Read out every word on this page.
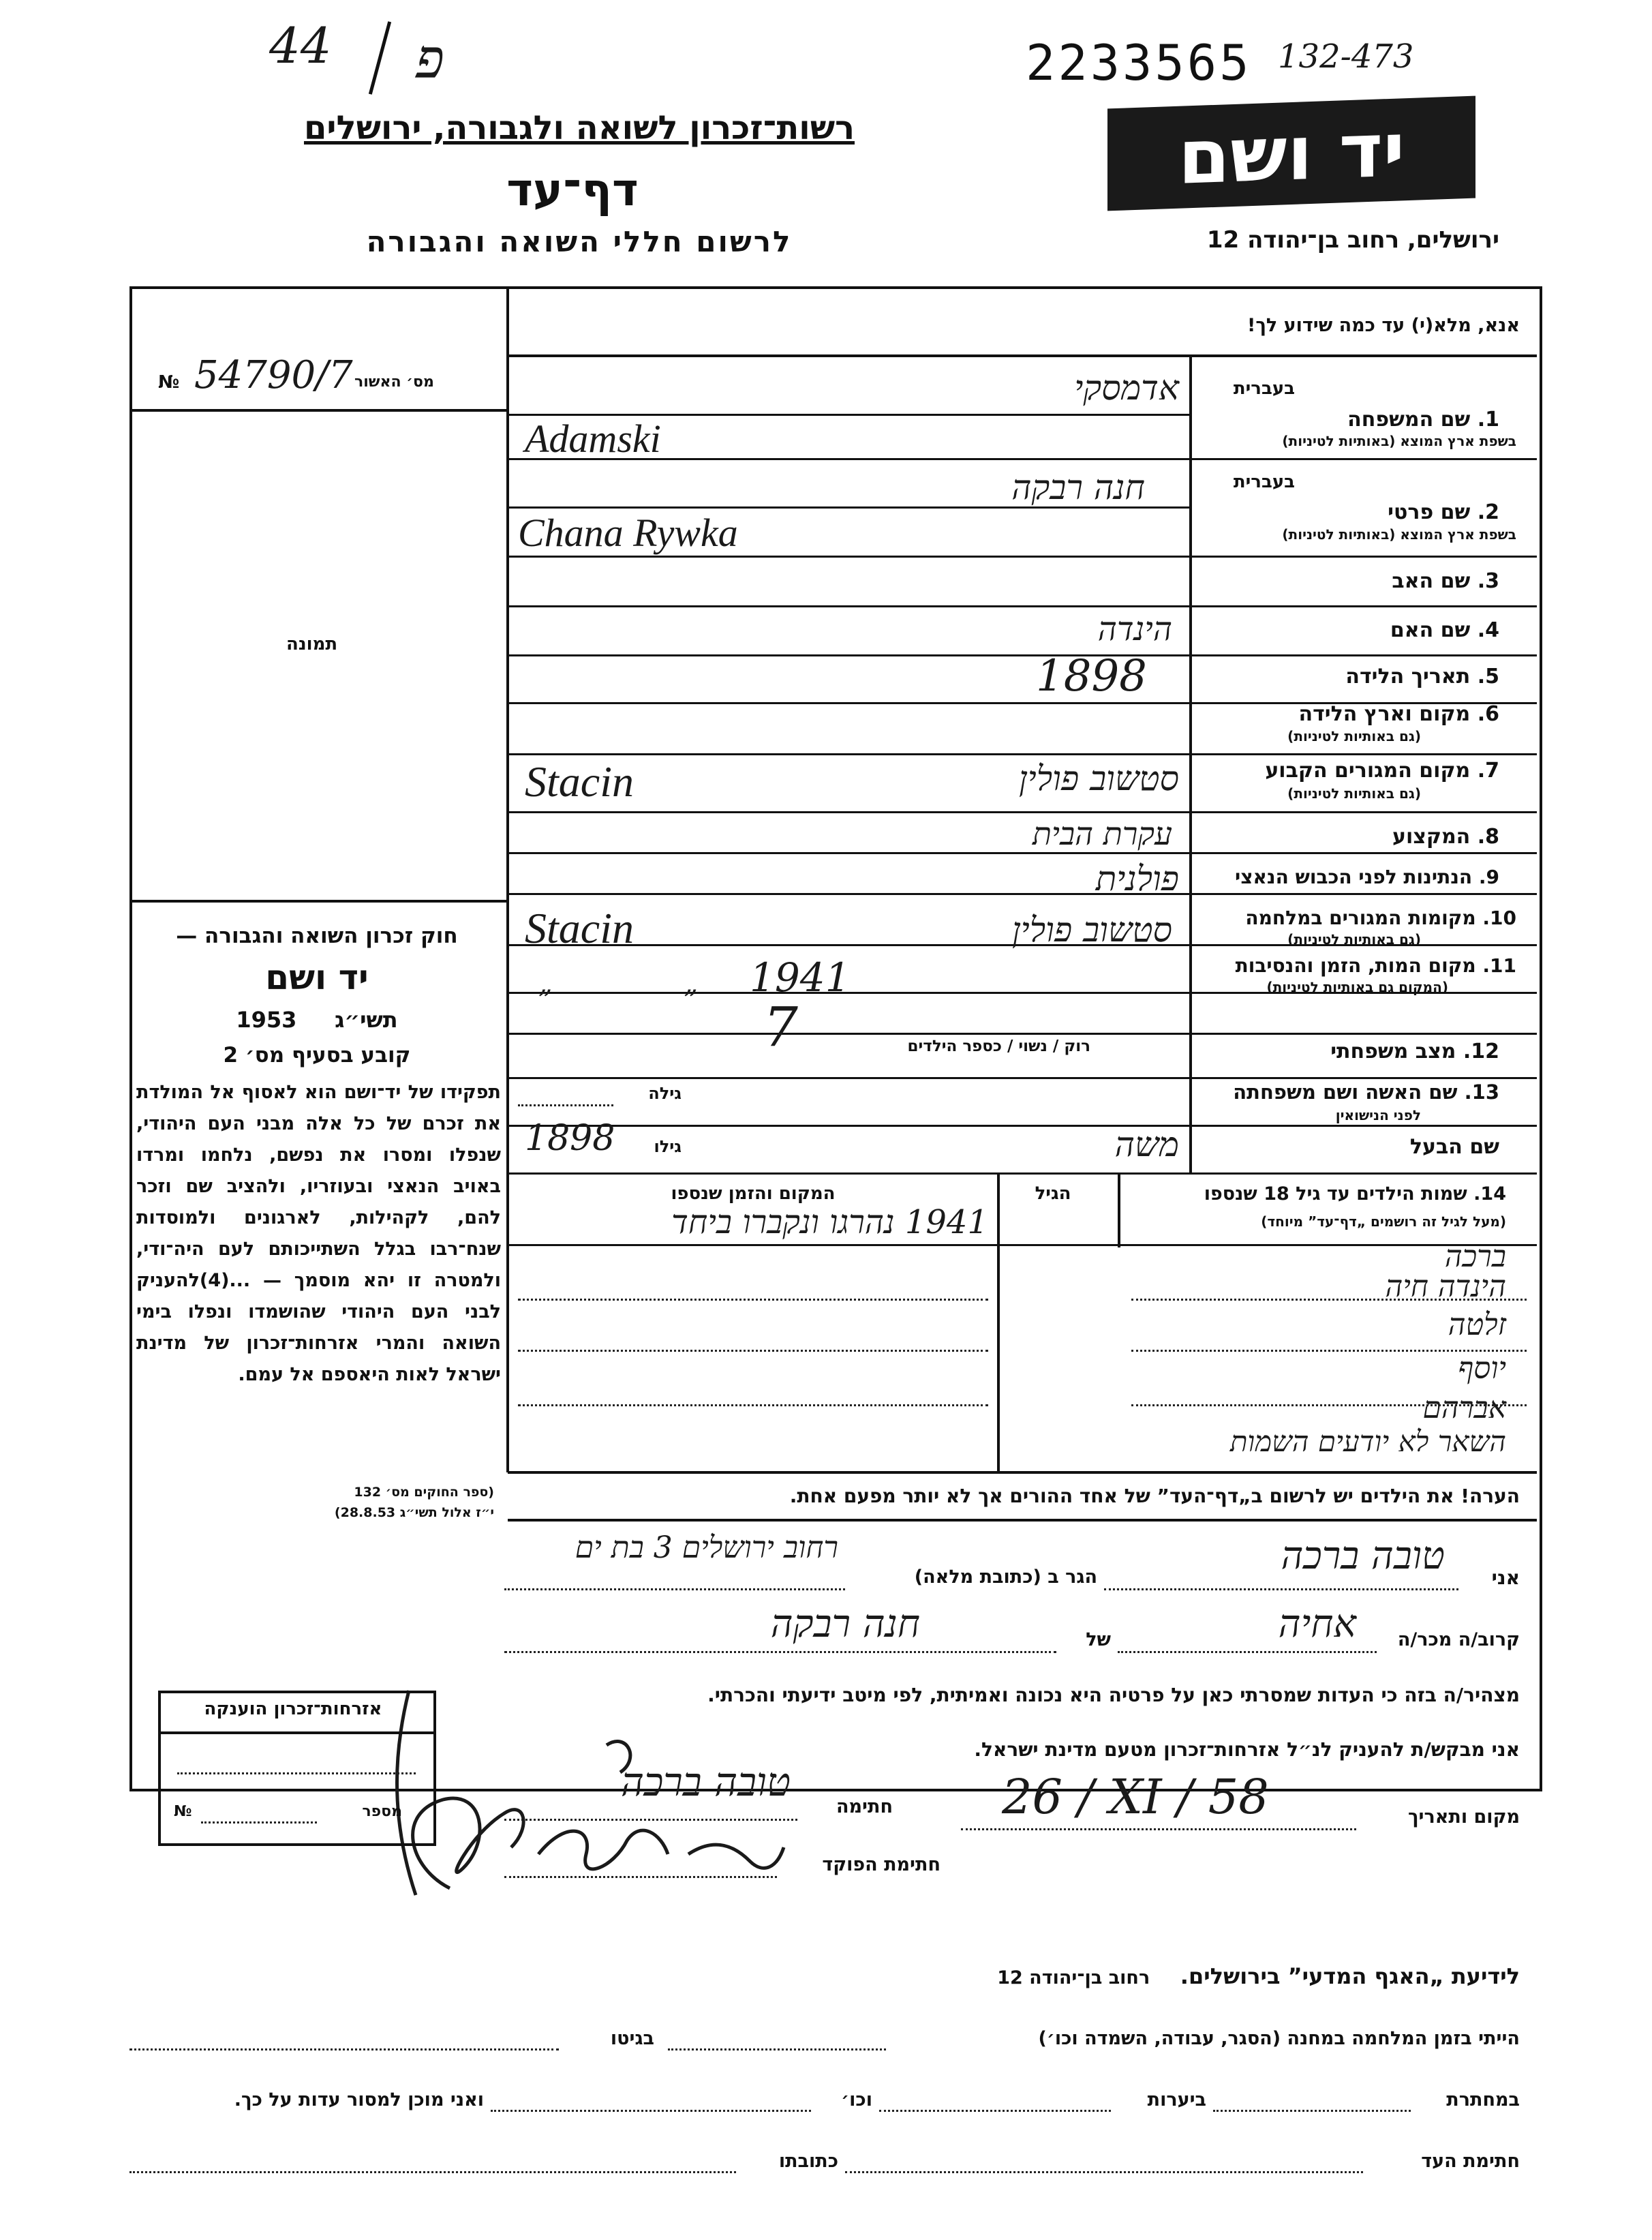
44 פ	2233565 132-473
רשות־זכרון לשואה ולגבורה, ירושלים
דף־עד
לרשום חללי השואה והגבורה
יד ושם
ירושלים, רחוב בן־יהודה 12
אנא, מלא(י) עד כמה שידוע לך!
מס׳ האשור
№ 54790/7
תמונה
חוק זכרון השואה והגבורה —
יד ושם
תשי״ג     1953
קובע בסעיף מס׳ 2
תפקידו של יד־ושם הוא לאסוף אל המולדת את זכרם של כל אלה מבני העם היהודי, שנפלו ומסרו את נפשם, נלחמו ומרדו באויב הנאצי ובעוזריו, ולהציב שם וזכר להם, לקהילות, לארגונים ולמוסדות שנח־רבו בגלל השתייכותם לעם היה־ודי, ולמטרה זו יהא מוסמך — ...(4)להעניק לבני העם היהודי שהושמדו ונפלו בימי השואה והמרי אזרחות־זכרון של מדינת ישראל לאות היאספם אל עמם.
(ספר החוקים מס׳ 132
י״ז אלול תשי״ג 28.8.53)
בעברית
1. שם המשפחה
בשפת ארץ המוצא (באותיות לטיניות)
אדמסקי
Adamski
בעברית
2. שם פרטי
בשפת ארץ המוצא (באותיות לטיניות)
חנה רבקה
Chana Rywka
3. שם האב
4. שם האם
הינדה
5. תאריך הלידה
1898
6. מקום וארץ הלידה
(גם באותיות לטיניות)
7. מקום המגורים הקבוע
(גם באותיות לטיניות)
סטשוב פולין
Stacin
8. המקצוע
עקרת הבית
9. הנתינות לפני הכבוש הנאצי
פולנית
10. מקומות המגורים במלחמה
(גם באותיות לטיניות)
סטשוב פולין
Stacin
11. מקום המות, הזמן והנסיבות
(המקום גם באותיות לטיניות)
1941
„ „
12. מצב משפחתי
רוק / נשוי / כספר הילדים
7
13. שם האשה ושם משפחתה
לפני הנישואין
גילה
שם הבעל
משה
גילו
1898
14. שמות הילדים עד גיל 18 שנספו
(מעל לגיל זה רושמים „דף־עד” מיוחד)
הגיל
המקום והזמן שנספו
1941 נהרגו ונקברו ביחד
ברכה
הינדה חיה
זלטה
יוסף
אברהם
השאר לא יודעים השמות
הערה! את הילדים יש לרשום ב„דף־העד” של אחד ההורים אך לא יותר מפעם אחת.
אני
טובה ברכה
הגר ב (כתובת מלאה)
רחוב ירושלים 3 בת ים
קרוב/ה מכר/ה
אחיה
של
חנה רבקה
מצהיר/ה בזה כי העדות שמסרתי כאן על פרטיה היא נכונה ואמיתית, לפי מיטב ידיעתי והכרתי.
אני מבקש/ת להעניק לנ״ל אזרחות־זכרון מטעם מדינת ישראל.
מקום ותאריך
26 / XI / 58
חתימה
טובה ברכה
חתימת הפוקד
אזרחות־זכרון הוענקה
מספר
№
לידיעת „האגף המדעי” בירושלים.    רחוב בן־יהודה 12
הייתי בזמן המלחמה במחנה (הסגר, עבודה, השמדה וכו׳)
בגיטו
במחתרת
ביערות
וכו׳
ואני מוכן למסור עדות על כך.
חתימת העד
כתובתו
